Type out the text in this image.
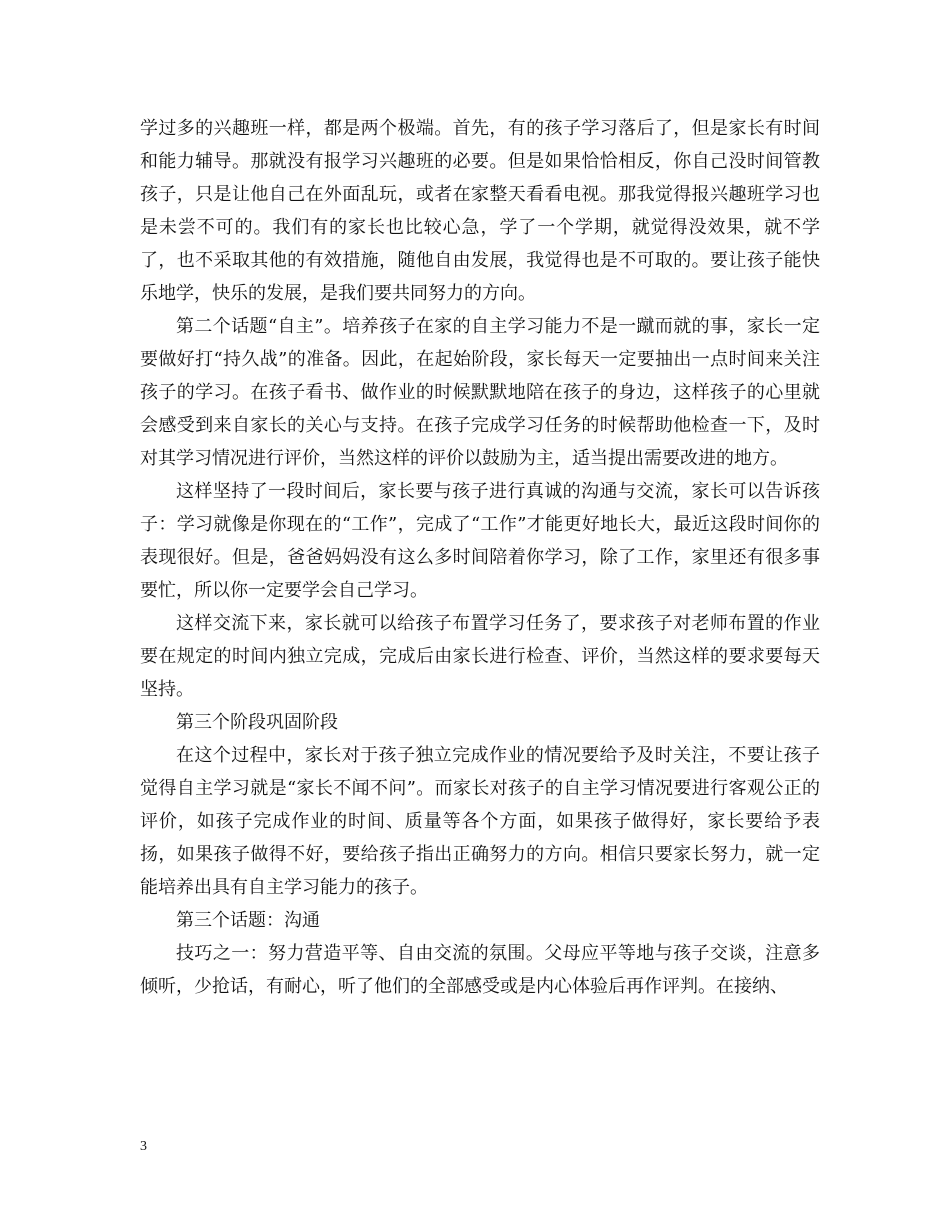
学过多的兴趣班一样，都是两个极端。首先，有的孩子学习落后了，但是家长有时间和能力辅导。那就没有报学习兴趣班的必要。但是如果恰恰相反，你自己没时间管教孩子，只是让他自己在外面乱玩，或者在家整天看看电视。那我觉得报兴趣班学习也是未尝不可的。我们有的家长也比较心急，学了一个学期，就觉得没效果，就不学了，也不采取其他的有效措施，随他自由发展，我觉得也是不可取的。要让孩子能快乐地学，快乐的发展，是我们要共同努力的方向。

第二个话题“自主”。培养孩子在家的自主学习能力不是一蹴而就的事，家长一定要做好打“持久战”的准备。因此，在起始阶段，家长每天一定要抽出一点时间来关注孩子的学习。在孩子看书、做作业的时候默默地陪在孩子的身边，这样孩子的心里就会感受到来自家长的关心与支持。在孩子完成学习任务的时候帮助他检查一下，及时对其学习情况进行评价，当然这样的评价以鼓励为主，适当提出需要改进的地方。

这样坚持了一段时间后，家长要与孩子进行真诚的沟通与交流，家长可以告诉孩子：学习就像是你现在的“工作”，完成了“工作”才能更好地长大，最近这段时间你的表现很好。但是，爸爸妈妈没有这么多时间陪着你学习，除了工作，家里还有很多事要忙，所以你一定要学会自己学习。

这样交流下来，家长就可以给孩子布置学习任务了，要求孩子对老师布置的作业要在规定的时间内独立完成，完成后由家长进行检查、评价，当然这样的要求要每天坚持。

第三个阶段巩固阶段

在这个过程中，家长对于孩子独立完成作业的情况要给予及时关注，不要让孩子觉得自主学习就是“家长不闻不问”。而家长对孩子的自主学习情况要进行客观公正的评价，如孩子完成作业的时间、质量等各个方面，如果孩子做得好，家长要给予表扬，如果孩子做得不好，要给孩子指出正确努力的方向。相信只要家长努力，就一定能培养出具有自主学习能力的孩子。

第三个话题：沟通

技巧之一：努力营造平等、自由交流的氛围。父母应平等地与孩子交谈，注意多倾听，少抢话，有耐心，听了他们的全部感受或是内心体验后再作评判。在接纳、

3
